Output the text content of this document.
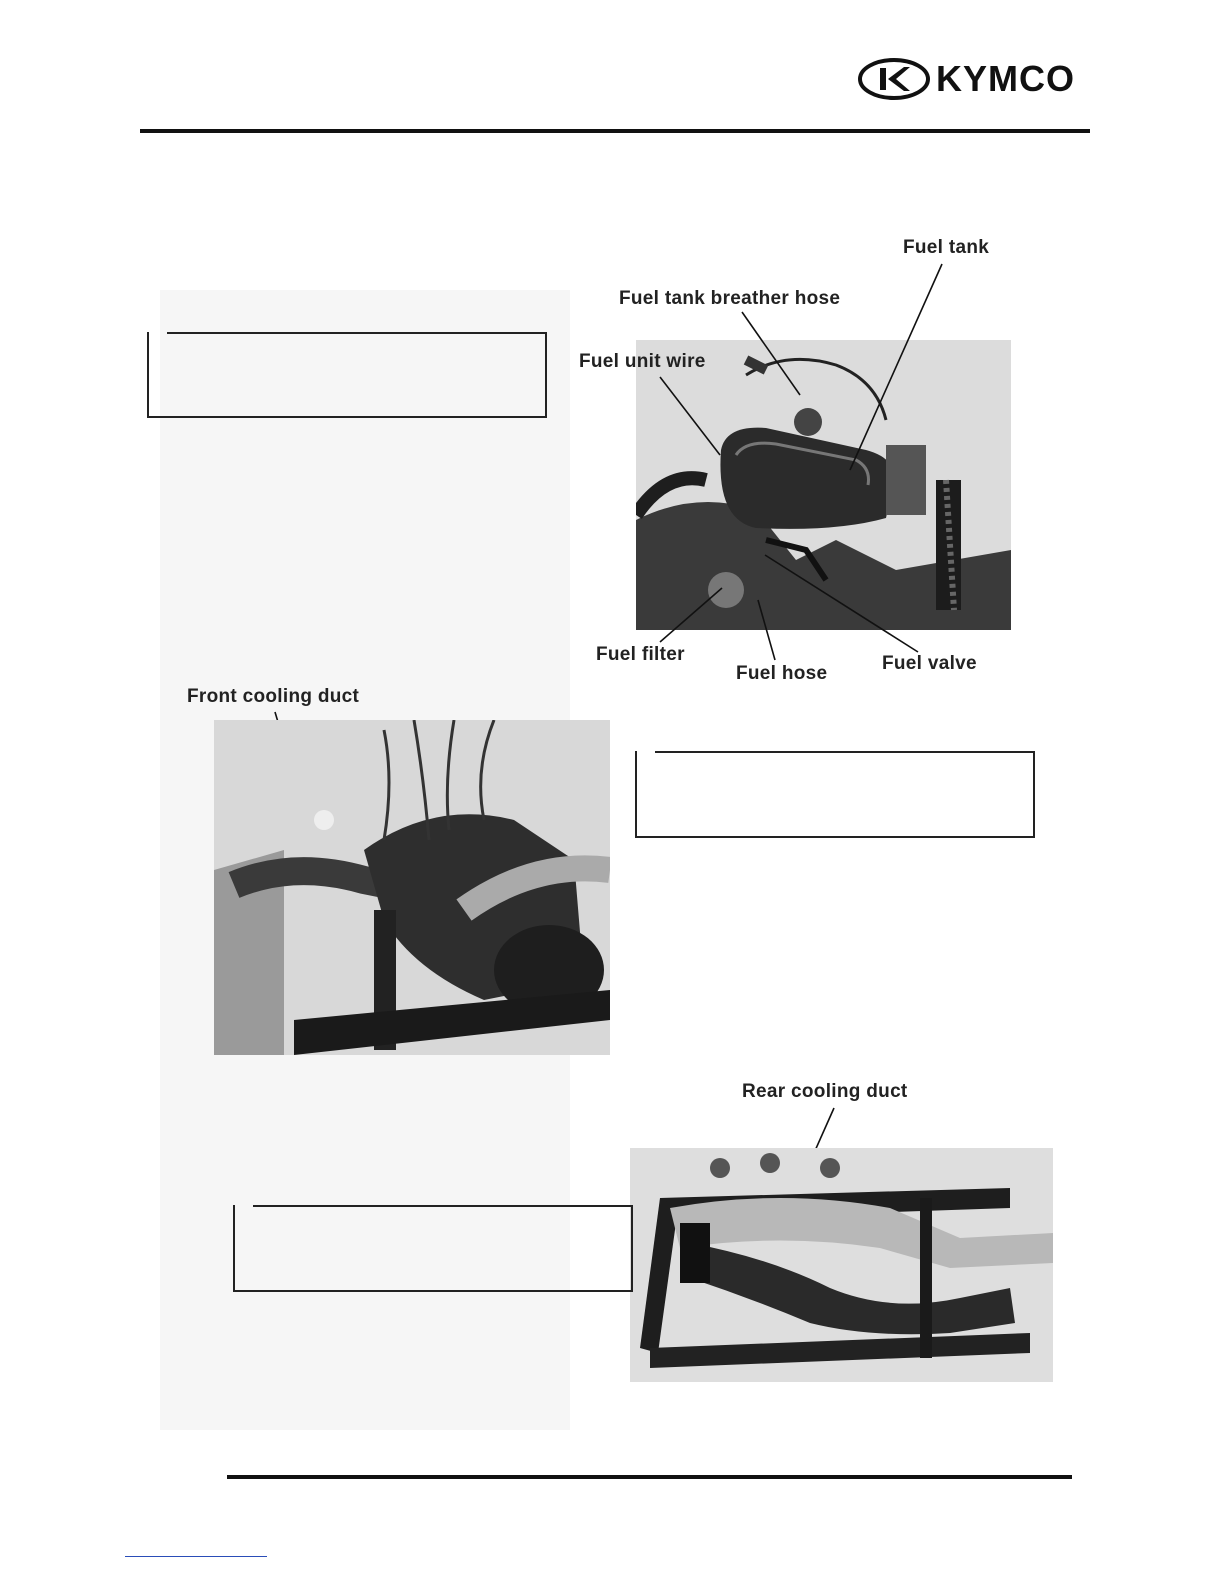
KYMCO
Fuel tank
Fuel tank breather hose
Fuel unit wire
Fuel filter
Fuel hose	Fuel valve
Front cooling duct
Rear cooling duct
